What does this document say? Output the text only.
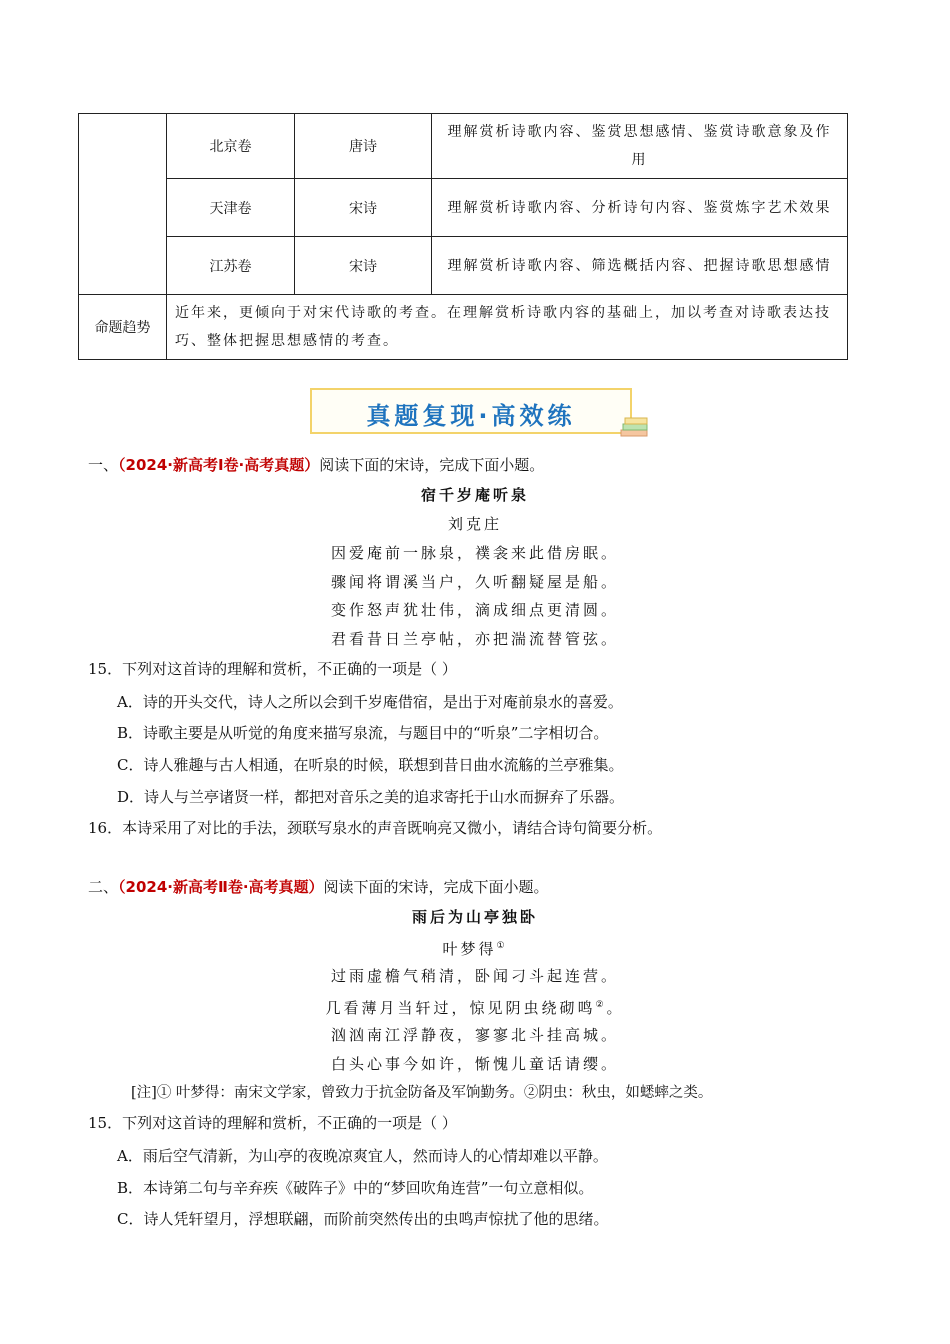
	北京卷	唐诗	理解赏析诗歌内容、鉴赏思想感情、鉴赏诗歌意象及作用
	天津卷	宋诗	理解赏析诗歌内容、分析诗句内容、鉴赏炼字艺术效果
	江苏卷	宋诗	理解赏析诗歌内容、筛选概括内容、把握诗歌思想感情
命题趋势	近年来，更倾向于对宋代诗歌的考查。在理解赏析诗歌内容的基础上，加以考查对诗歌表达技巧、整体把握思想感情的考查。		
真题复现·高效练
一、（2024·新高考Ⅰ卷·高考真题）阅读下面的宋诗，完成下面小题。
宿千岁庵听泉
刘克庄
因爱庵前一脉泉，襆衾来此借房眠。
骤闻将谓溪当户，久听翻疑屋是船。
变作怒声犹壮伟，滴成细点更清圆。
君看昔日兰亭帖，亦把湍流替管弦。
15．下列对这首诗的理解和赏析，不正确的一项是（ ）
A．诗的开头交代，诗人之所以会到千岁庵借宿，是出于对庵前泉水的喜爱。
B．诗歌主要是从听觉的角度来描写泉流，与题目中的“听泉”二字相切合。
C．诗人雅趣与古人相通，在听泉的时候，联想到昔日曲水流觞的兰亭雅集。
D．诗人与兰亭诸贤一样，都把对音乐之美的追求寄托于山水而摒弃了乐器。
16．本诗采用了对比的手法，颈联写泉水的声音既响亮又微小，请结合诗句简要分析。
二、（2024·新高考Ⅱ卷·高考真题）阅读下面的宋诗，完成下面小题。
雨后为山亭独卧
叶梦得①
过雨虚檐气稍清，卧闻刁斗起连营。
几看薄月当轩过，惊见阴虫绕砌鸣②。
汹汹南江浮静夜，寥寥北斗挂高城。
白头心事今如许，惭愧儿童话请缨。
[注]① 叶梦得：南宋文学家，曾致力于抗金防备及军饷勤务。②阴虫：秋虫，如蟋蟀之类。
15．下列对这首诗的理解和赏析，不正确的一项是（ ）
A．雨后空气清新，为山亭的夜晚凉爽宜人，然而诗人的心情却难以平静。
B．本诗第二句与辛弃疾《破阵子》中的“梦回吹角连营”一句立意相似。
C．诗人凭轩望月，浮想联翩，而阶前突然传出的虫鸣声惊扰了他的思绪。
